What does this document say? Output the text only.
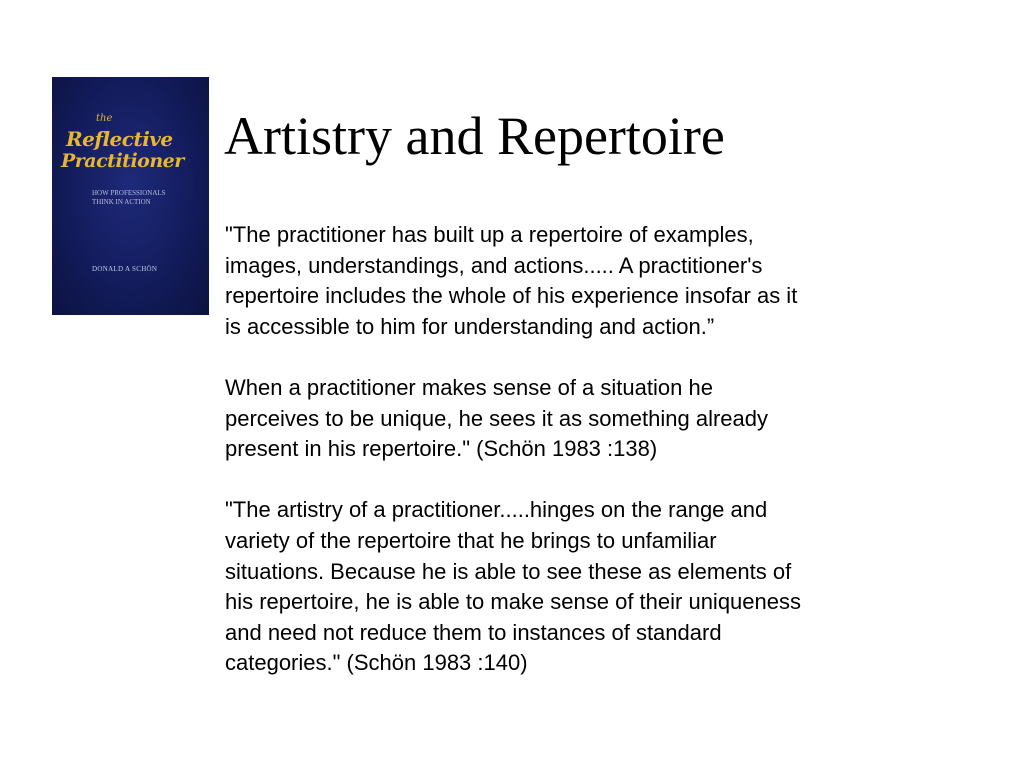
the
Reflective
Practitioner
HOW PROFESSIONALS
THINK IN ACTION
DONALD A SCHÖN
Artistry and Repertoire

"The practitioner has built up a repertoire of examples,
images, understandings, and actions..... A practitioner's
repertoire includes the whole of his experience insofar as it
is accessible to him for understanding and action.”

When a practitioner makes sense of a situation he
perceives to be unique, he sees it as something already
present in his repertoire." (Schön 1983 :138)

"The artistry of a practitioner.....hinges on the range and
variety of the repertoire that he brings to unfamiliar
situations. Because he is able to see these as elements of
his repertoire, he is able to make sense of their uniqueness
and need not reduce them to instances of standard
categories." (Schön 1983 :140)
